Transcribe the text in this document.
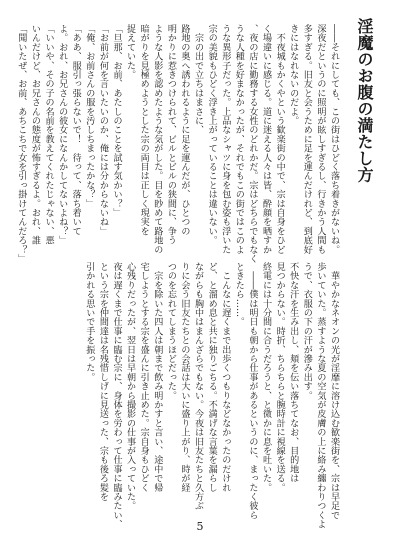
淫魔のお腹の満たし方
――それにしても、この街はひどく落ち着きがないね。
深夜だというのに照明が眩しすぎるし、行きかう人間も
多すぎる。旧友と会うために足を運んだけれど、到底好
きにはなれないのだよ。
　不夜城もかくやという歓楽街の中で、宗は自身をひど
く場違いに感じる。道に迷える人々は皆、酔顔を晒すか
、夜の店に勤務する女性のどれかだ。宗はどちらでもなく
うな人種を好まなかったが、それでもこの街ではこのよ
うな異形子だった。上品なシャツに身を包む姿も浮いた
宗の美貌もひどく浮き上がっていることは違いない。
　宗の出で立ちはまさに、
路地の奥へ誘われるように足を運んだが、ひとつの
明かりに惹きつけられて、ビルとビルの狭間に、争う
ような人影を認めたような気がした。目を眇めて路地の
暗がりを見極めようとした宗の両目は正しく現実を
捉えていた。
「旦那、お前、あたしのことを試す気かい？」
「お前が何を言いたいのか、俺には分からないね」
「俺、お前さんの服を汚しちまったかな？」
「ああ、服引っ張らないで！　待って、落ち着いて
よ。おれ、お兄さんの彼女になんかしてないよね？」
「いいや、その子の名前を教えてくれたじゃない、悪
いんだけど、お兄さんの態度が怖すぎるよ。おれ、誰
「聞いたぜ、お前、あちこちで女を引っ掛けてんだろ？」
　華やかなネオンの光が淫靡に溶け込む歓楽街を、宗は早足で
歩いていた。蒸すような夏の空気が皮膚の上に絡み纏わりつくよ
うで、衣服の下の汗が滲み出す。
不快な汗を生み出し、頬を伝い落ちてなお、目的地は
見つからない。時折、ちらちらと腕時計に視線を送る。
終電には十分間に合うだろうと、と微かに息を吐いた。
　――僕は明日も朝から仕事があるというのに、まったく彼ら
ときたら……。
　こんなに遅くまで出歩くつもりなどなかったのだけれ
ど、と溜め息と共に独りごちる。不満げな言葉を漏らし
ながらも胸中はまんざらでもない。今夜は旧友たちと久方ぶ
りに会う旧友たちとの会話は大いに盛り上がり、時が経
つのを忘れてしまうほどだった。
　宗を除いた四人は朝まで飲み明かすと言い、途中で帰
宅しようとする宗を盛んに引き止めた。宗自身もひどく
心残りだったが、翌日は早朝から撮影の仕事が入っていた。
夜は遅くまで仕事に臨む宗に、身体を労わって仕事に臨みたい、
という宗を仲間達は名残惜しげに見送った、宗も後ろ髪を
引かれる思いで手を振った。
5
